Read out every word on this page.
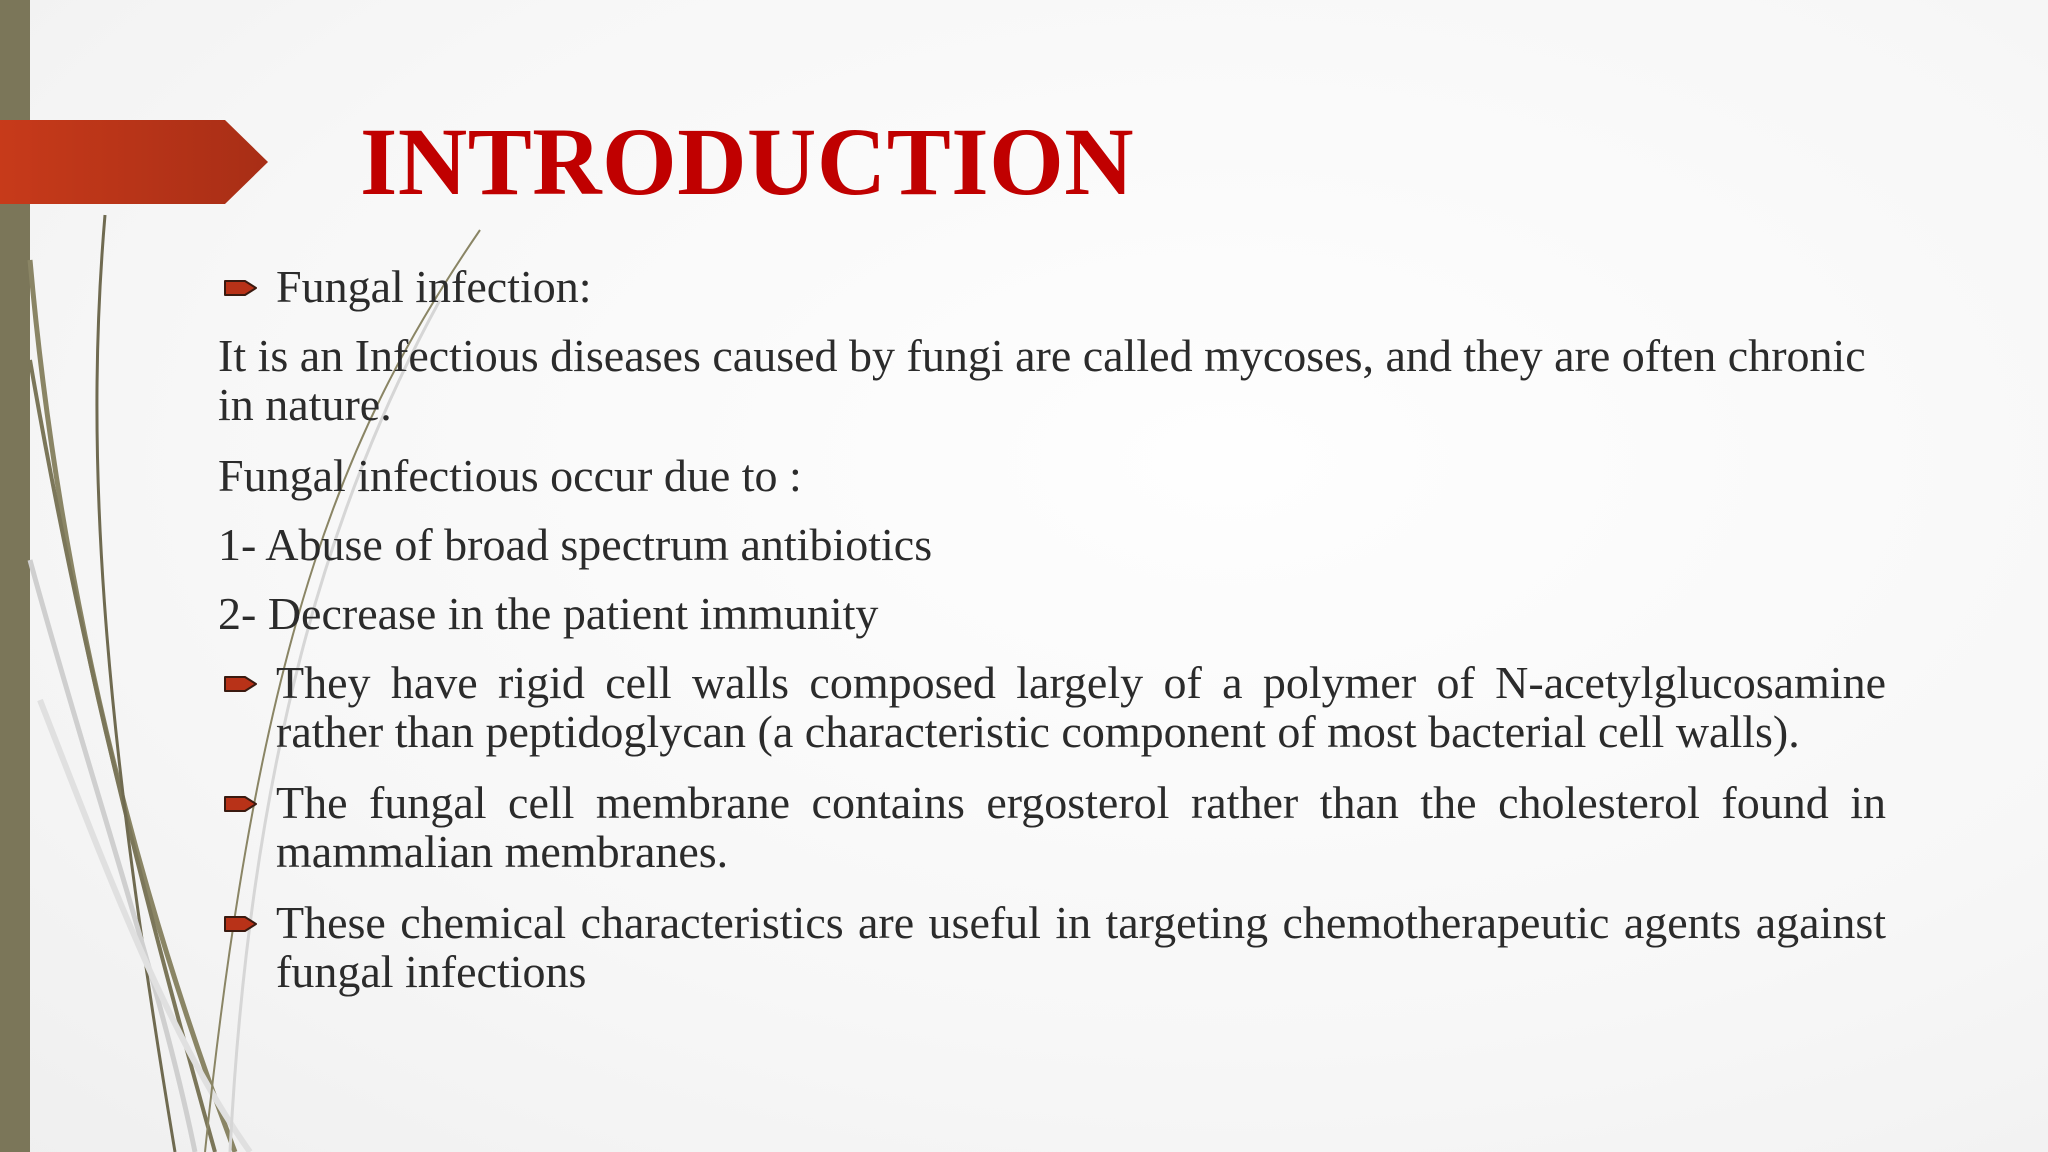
INTRODUCTION
Fungal infection:
It is an Infectious diseases caused by fungi are called mycoses, and they are often chronic in nature.
Fungal infectious occur due to :
1- Abuse of broad spectrum antibiotics
2- Decrease in the patient immunity
They have rigid cell walls composed largely of a polymer of N-acetylglucosamine rather than peptidoglycan (a characteristic component of most bacterial cell walls).
The fungal cell membrane contains ergosterol rather than the cholesterol found in mammalian membranes.
These chemical characteristics are useful in targeting chemotherapeutic agents against fungal infections
